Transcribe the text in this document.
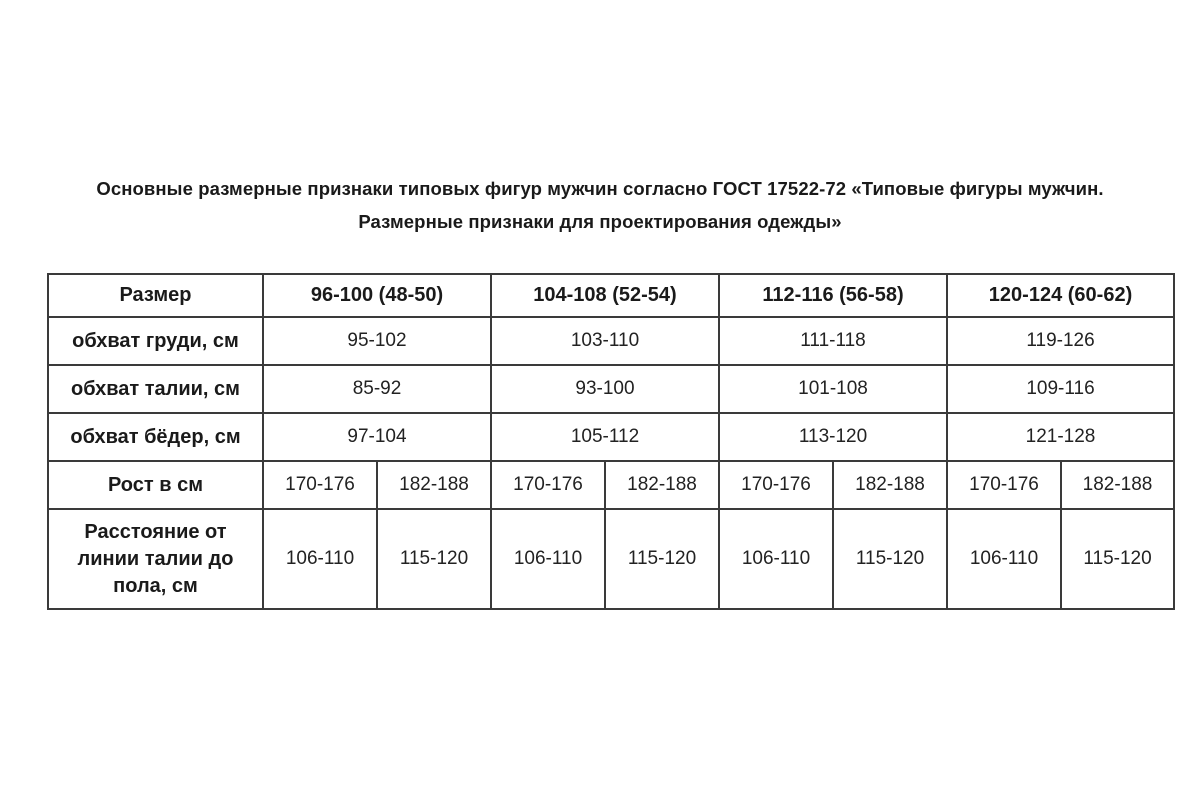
Основные размерные признаки типовых фигур мужчин согласно ГОСТ 17522-72 «Типовые фигуры мужчин.
Размерные признаки для проектирования одежды»
Размер	96-100 (48-50)		104-108 (52-54)		112-116 (56-58)		120-124 (60-62)	
обхват груди, см	95-102		103-110		111-118		119-126	
обхват талии, см	85-92		93-100		101-108		109-116	
обхват бёдер, см	97-104		105-112		113-120		121-128	
Рост в см	170-176	182-188	170-176	182-188	170-176	182-188	170-176	182-188
Расстояние от линии талии до пола, см	106-110	115-120	106-110	115-120	106-110	115-120	106-110	115-120
